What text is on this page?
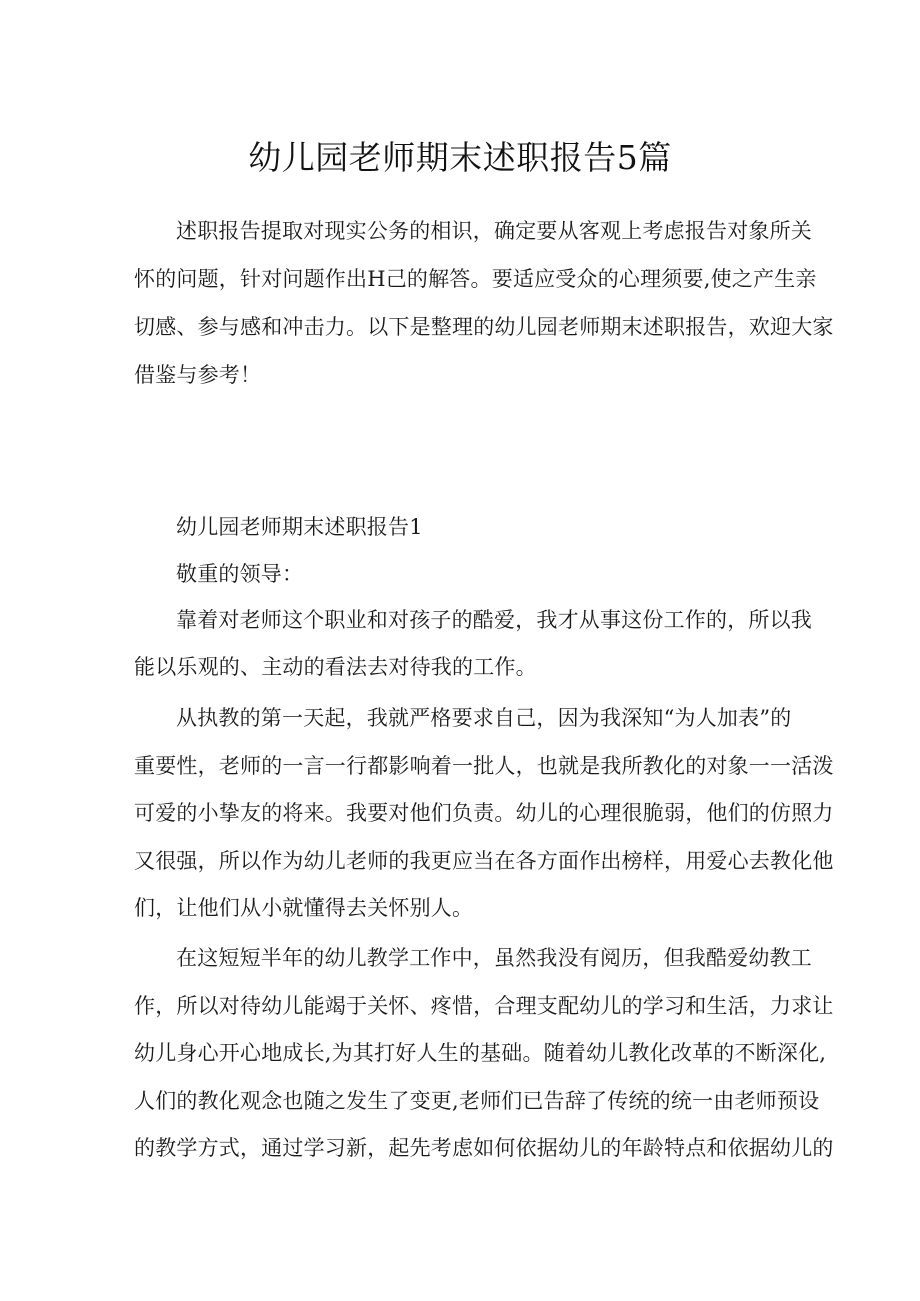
幼儿园老师期末述职报告5篇
述职报告提取对现实公务的相识，确定要从客观上考虑报告对象所关
怀的问题，针对问题作出H己的解答。要适应受众的心理须要,使之产生亲
切感、参与感和冲击力。以下是整理的幼儿园老师期末述职报告，欢迎大家
借鉴与参考！
幼儿园老师期末述职报告1
敬重的领导：
靠着对老师这个职业和对孩子的酷爱，我才从事这份工作的，所以我
能以乐观的、主动的看法去对待我的工作。
从执教的第一天起，我就严格要求自己，因为我深知“为人加表”的
重要性，老师的一言一行都影响着一批人，也就是我所教化的对象一一活泼
可爱的小挚友的将来。我要对他们负责。幼儿的心理很脆弱，他们的仿照力
又很强，所以作为幼儿老师的我更应当在各方面作出榜样，用爱心去教化他
们，让他们从小就懂得去关怀别人。
在这短短半年的幼儿教学工作中，虽然我没有阅历，但我酷爱幼教工
作，所以对待幼儿能竭于关怀、疼惜，合理支配幼儿的学习和生活，力求让
幼儿身心开心地成长,为其打好人生的基础。随着幼儿教化改革的不断深化,
人们的教化观念也随之发生了变更,老师们已告辞了传统的统一由老师预设
的教学方式，通过学习新，起先考虑如何依据幼儿的年龄特点和依据幼儿的
